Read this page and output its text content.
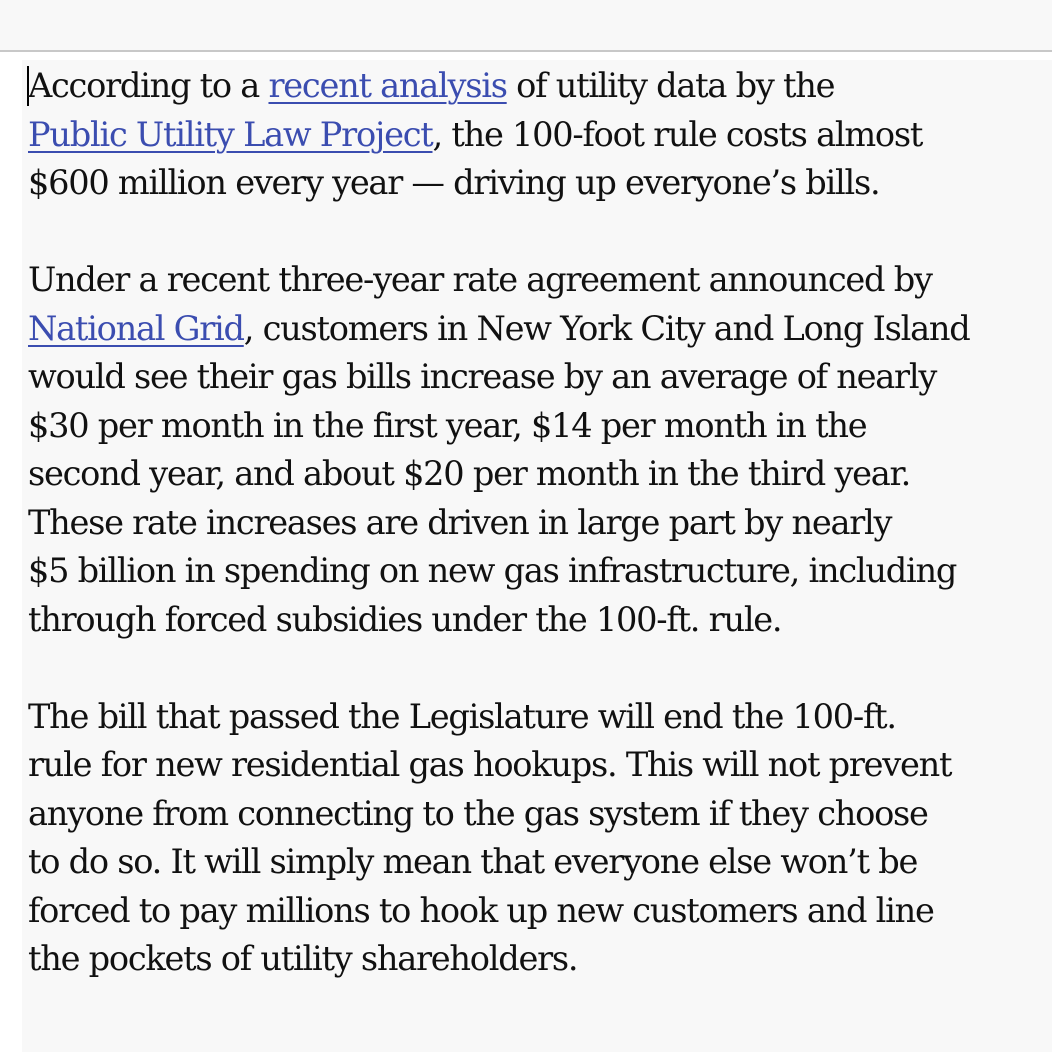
According to a recent analysis of utility data by the
Public Utility Law Project, the 100-foot rule costs almost
$600 million every year — driving up everyone’s bills.

Under a recent three-year rate agreement announced by
National Grid, customers in New York City and Long Island
would see their gas bills increase by an average of nearly
$30 per month in the first year, $14 per month in the
second year, and about $20 per month in the third year.
These rate increases are driven in large part by nearly
$5 billion in spending on new gas infrastructure, including
through forced subsidies under the 100-ft. rule.

The bill that passed the Legislature will end the 100-ft.
rule for new residential gas hookups. This will not prevent
anyone from connecting to the gas system if they choose
to do so. It will simply mean that everyone else won’t be
forced to pay millions to hook up new customers and line
the pockets of utility shareholders.
